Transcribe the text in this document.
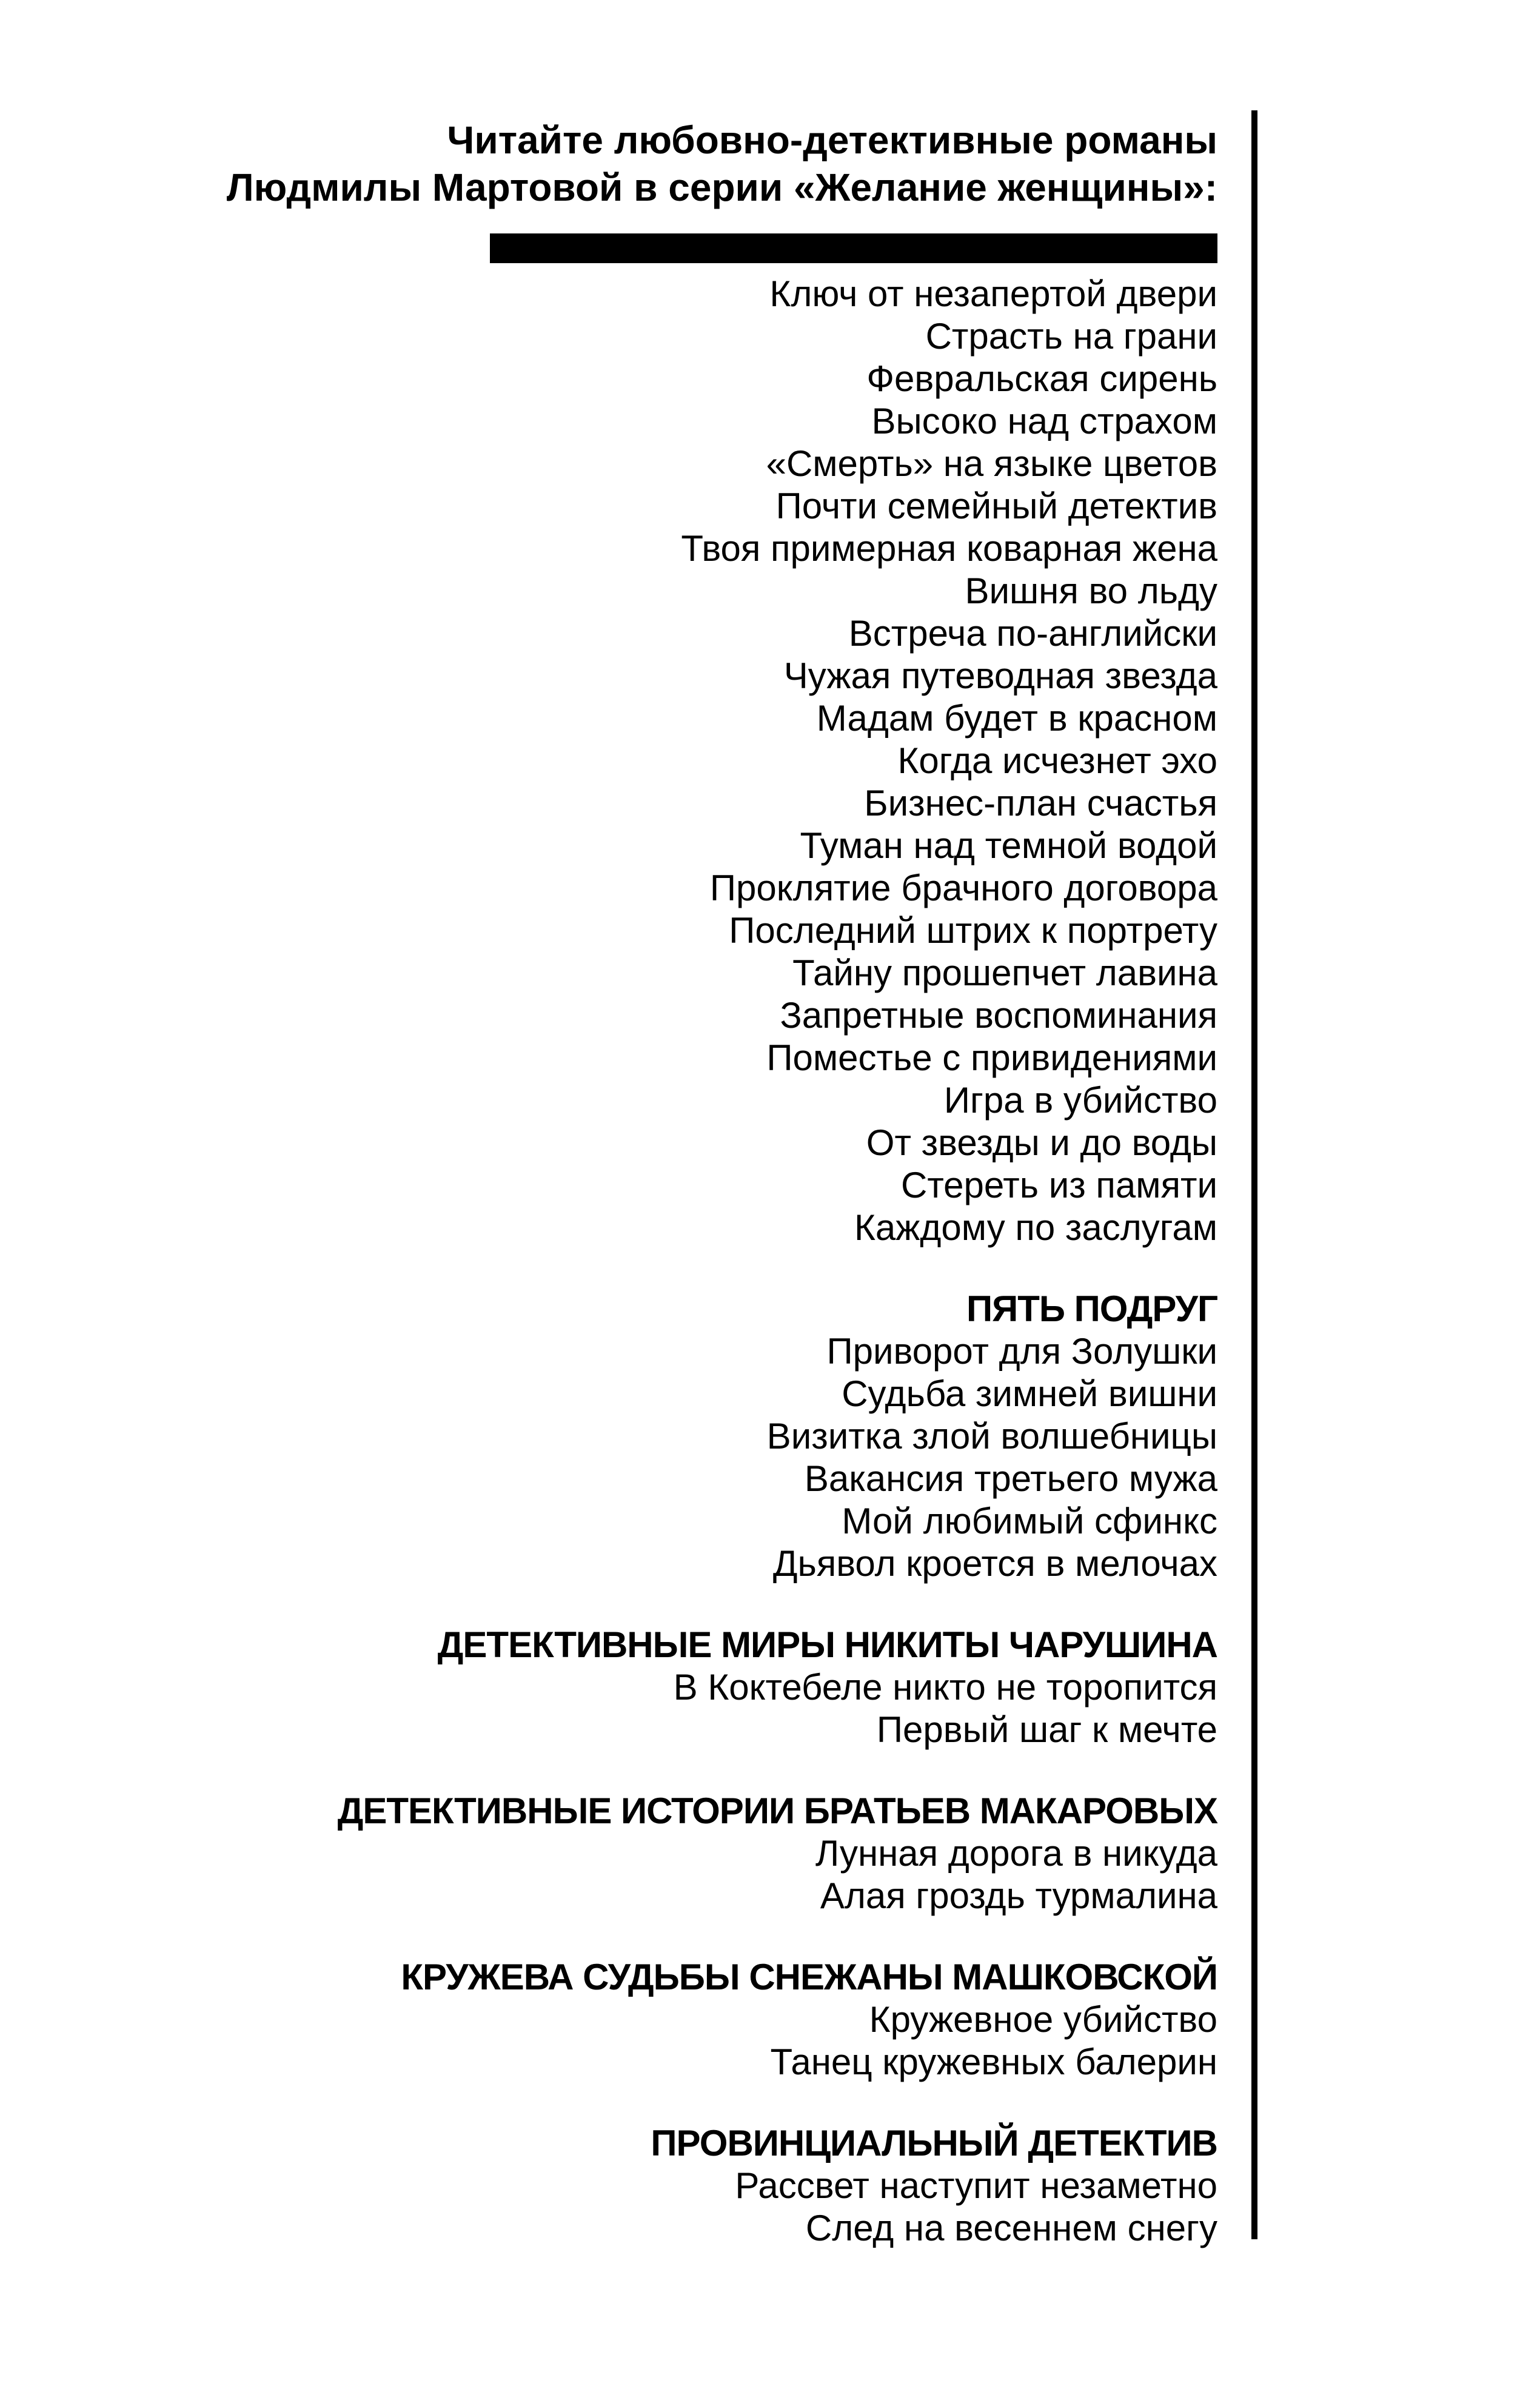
Читайте любовно-детективные романы
Людмилы Мартовой в серии «Желание женщины»:
Ключ от незапертой двери
Страсть на грани
Февральская сирень
Высоко над страхом
«Смерть» на языке цветов
Почти семейный детектив
Твоя примерная коварная жена
Вишня во льду
Встреча по-английски
Чужая путеводная звезда
Мадам будет в красном
Когда исчезнет эхо
Бизнес-план счастья
Туман над темной водой
Проклятие брачного договора
Последний штрих к портрету
Тайну прошепчет лавина
Запретные воспоминания
Поместье с привидениями
Игра в убийство
От звезды и до воды
Стереть из памяти
Каждому по заслугам
ПЯТЬ ПОДРУГ
Приворот для Золушки
Судьба зимней вишни
Визитка злой волшебницы
Вакансия третьего мужа
Мой любимый сфинкс
Дьявол кроется в мелочах
ДЕТЕКТИВНЫЕ МИРЫ НИКИТЫ ЧАРУШИНА
В Коктебеле никто не торопится
Первый шаг к мечте
ДЕТЕКТИВНЫЕ ИСТОРИИ БРАТЬЕВ МАКАРОВЫХ
Лунная дорога в никуда
Алая гроздь турмалина
КРУЖЕВА СУДЬБЫ СНЕЖАНЫ МАШКОВСКОЙ
Кружевное убийство
Танец кружевных балерин
ПРОВИНЦИАЛЬНЫЙ ДЕТЕКТИВ
Рассвет наступит незаметно
След на весеннем снегу
